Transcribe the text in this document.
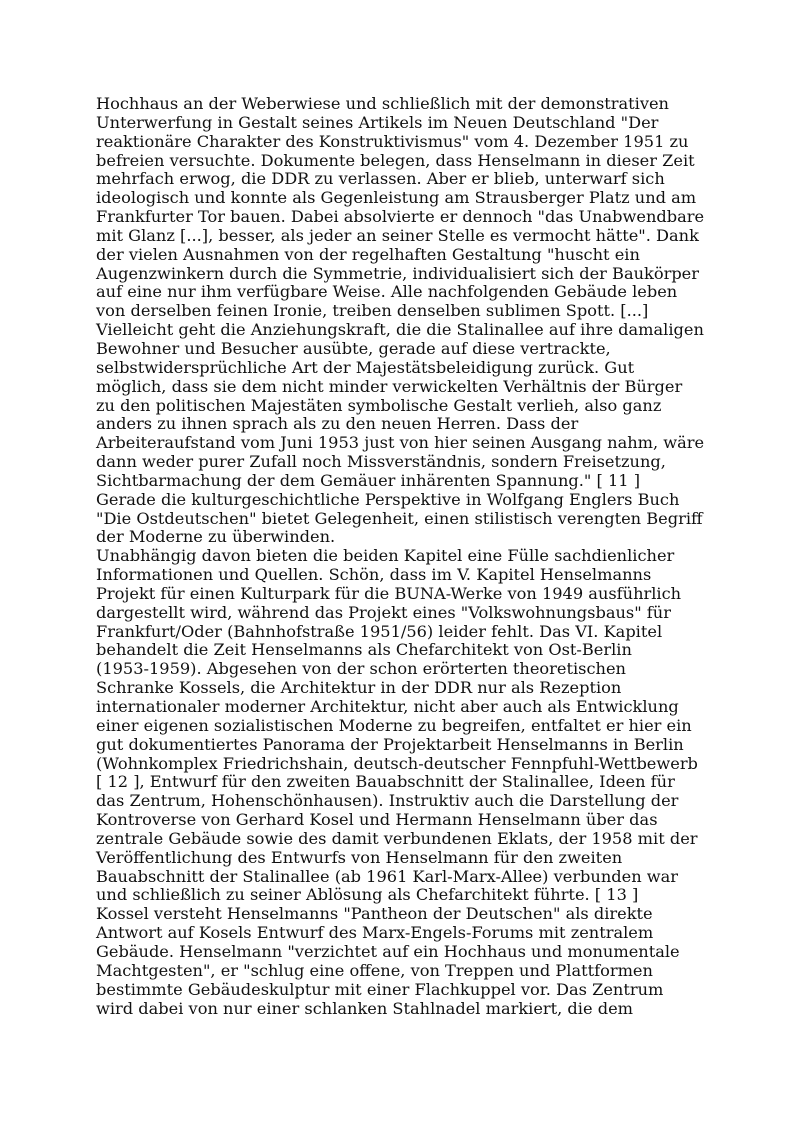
Hochhaus an der Weberwiese und schließlich mit der demonstrativen
Unterwerfung in Gestalt seines Artikels im Neuen Deutschland "Der
reaktionäre Charakter des Konstruktivismus" vom 4. Dezember 1951 zu
befreien versuchte. Dokumente belegen, dass Henselmann in dieser Zeit
mehrfach erwog, die DDR zu verlassen. Aber er blieb, unterwarf sich
ideologisch und konnte als Gegenleistung am Strausberger Platz und am
Frankfurter Tor bauen. Dabei absolvierte er dennoch "das Unabwendbare
mit Glanz [...], besser, als jeder an seiner Stelle es vermocht hätte". Dank
der vielen Ausnahmen von der regelhaften Gestaltung "huscht ein
Augenzwinkern durch die Symmetrie, individualisiert sich der Baukörper
auf eine nur ihm verfügbare Weise. Alle nachfolgenden Gebäude leben
von derselben feinen Ironie, treiben denselben sublimen Spott. [...]
Vielleicht geht die Anziehungskraft, die die Stalinallee auf ihre damaligen
Bewohner und Besucher ausübte, gerade auf diese vertrackte,
selbstwidersprüchliche Art der Majestätsbeleidigung zurück. Gut
möglich, dass sie dem nicht minder verwickelten Verhältnis der Bürger
zu den politischen Majestäten symbolische Gestalt verlieh, also ganz
anders zu ihnen sprach als zu den neuen Herren. Dass der
Arbeiteraufstand vom Juni 1953 just von hier seinen Ausgang nahm, wäre
dann weder purer Zufall noch Missverständnis, sondern Freisetzung,
Sichtbarmachung der dem Gemäuer inhärenten Spannung." [ 11 ]
Gerade die kulturgeschichtliche Perspektive in Wolfgang Englers Buch
"Die Ostdeutschen" bietet Gelegenheit, einen stilistisch verengten Begriff
der Moderne zu überwinden.
Unabhängig davon bieten die beiden Kapitel eine Fülle sachdienlicher
Informationen und Quellen. Schön, dass im V. Kapitel Henselmanns
Projekt für einen Kulturpark für die BUNA-Werke von 1949 ausführlich
dargestellt wird, während das Projekt eines "Volkswohnungsbaus" für
Frankfurt/Oder (Bahnhofstraße 1951/56) leider fehlt. Das VI. Kapitel
behandelt die Zeit Henselmanns als Chefarchitekt von Ost-Berlin
(1953-1959). Abgesehen von der schon erörterten theoretischen
Schranke Kossels, die Architektur in der DDR nur als Rezeption
internationaler moderner Architektur, nicht aber auch als Entwicklung
einer eigenen sozialistischen Moderne zu begreifen, entfaltet er hier ein
gut dokumentiertes Panorama der Projektarbeit Henselmanns in Berlin
(Wohnkomplex Friedrichshain, deutsch-deutscher Fennpfuhl-Wettbewerb
[ 12 ], Entwurf für den zweiten Bauabschnitt der Stalinallee, Ideen für
das Zentrum, Hohenschönhausen). Instruktiv auch die Darstellung der
Kontroverse von Gerhard Kosel und Hermann Henselmann über das
zentrale Gebäude sowie des damit verbundenen Eklats, der 1958 mit der
Veröffentlichung des Entwurfs von Henselmann für den zweiten
Bauabschnitt der Stalinallee (ab 1961 Karl-Marx-Allee) verbunden war
und schließlich zu seiner Ablösung als Chefarchitekt führte. [ 13 ]
Kossel versteht Henselmanns "Pantheon der Deutschen" als direkte
Antwort auf Kosels Entwurf des Marx-Engels-Forums mit zentralem
Gebäude. Henselmann "verzichtet auf ein Hochhaus und monumentale
Machtgesten", er "schlug eine offene, von Treppen und Plattformen
bestimmte Gebäudeskulptur mit einer Flachkuppel vor. Das Zentrum
wird dabei von nur einer schlanken Stahlnadel markiert, die dem
